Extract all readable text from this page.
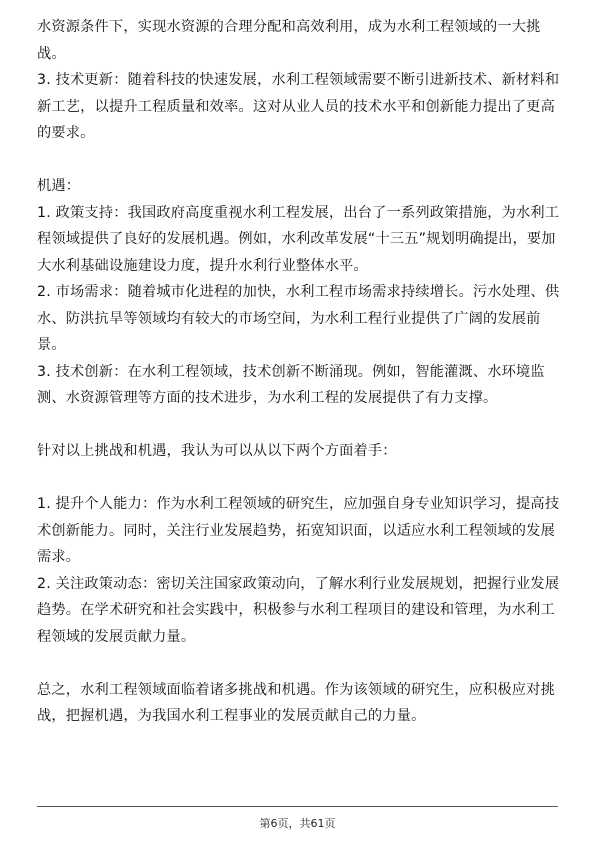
水资源条件下，实现水资源的合理分配和高效利用，成为水利工程领域的一大挑

战。

3. 技术更新：随着科技的快速发展，水利工程领域需要不断引进新技术、新材料和

新工艺，以提升工程质量和效率。这对从业人员的技术水平和创新能力提出了更高

的要求。

机遇：

1. 政策支持：我国政府高度重视水利工程发展，出台了一系列政策措施，为水利工

程领域提供了良好的发展机遇。例如，水利改革发展“十三五”规划明确提出，要加

大水利基础设施建设力度，提升水利行业整体水平。

2. 市场需求：随着城市化进程的加快，水利工程市场需求持续增长。污水处理、供

水、防洪抗旱等领域均有较大的市场空间，为水利工程行业提供了广阔的发展前

景。

3. 技术创新：在水利工程领域，技术创新不断涌现。例如，智能灌溉、水环境监

测、水资源管理等方面的技术进步，为水利工程的发展提供了有力支撑。

针对以上挑战和机遇，我认为可以从以下两个方面着手：

1. 提升个人能力：作为水利工程领域的研究生，应加强自身专业知识学习，提高技

术创新能力。同时，关注行业发展趋势，拓宽知识面，以适应水利工程领域的发展

需求。

2. 关注政策动态：密切关注国家政策动向，了解水利行业发展规划，把握行业发展

趋势。在学术研究和社会实践中，积极参与水利工程项目的建设和管理，为水利工

程领域的发展贡献力量。

总之，水利工程领域面临着诸多挑战和机遇。作为该领域的研究生，应积极应对挑

战，把握机遇，为我国水利工程事业的发展贡献自己的力量。

第6页，共61页
